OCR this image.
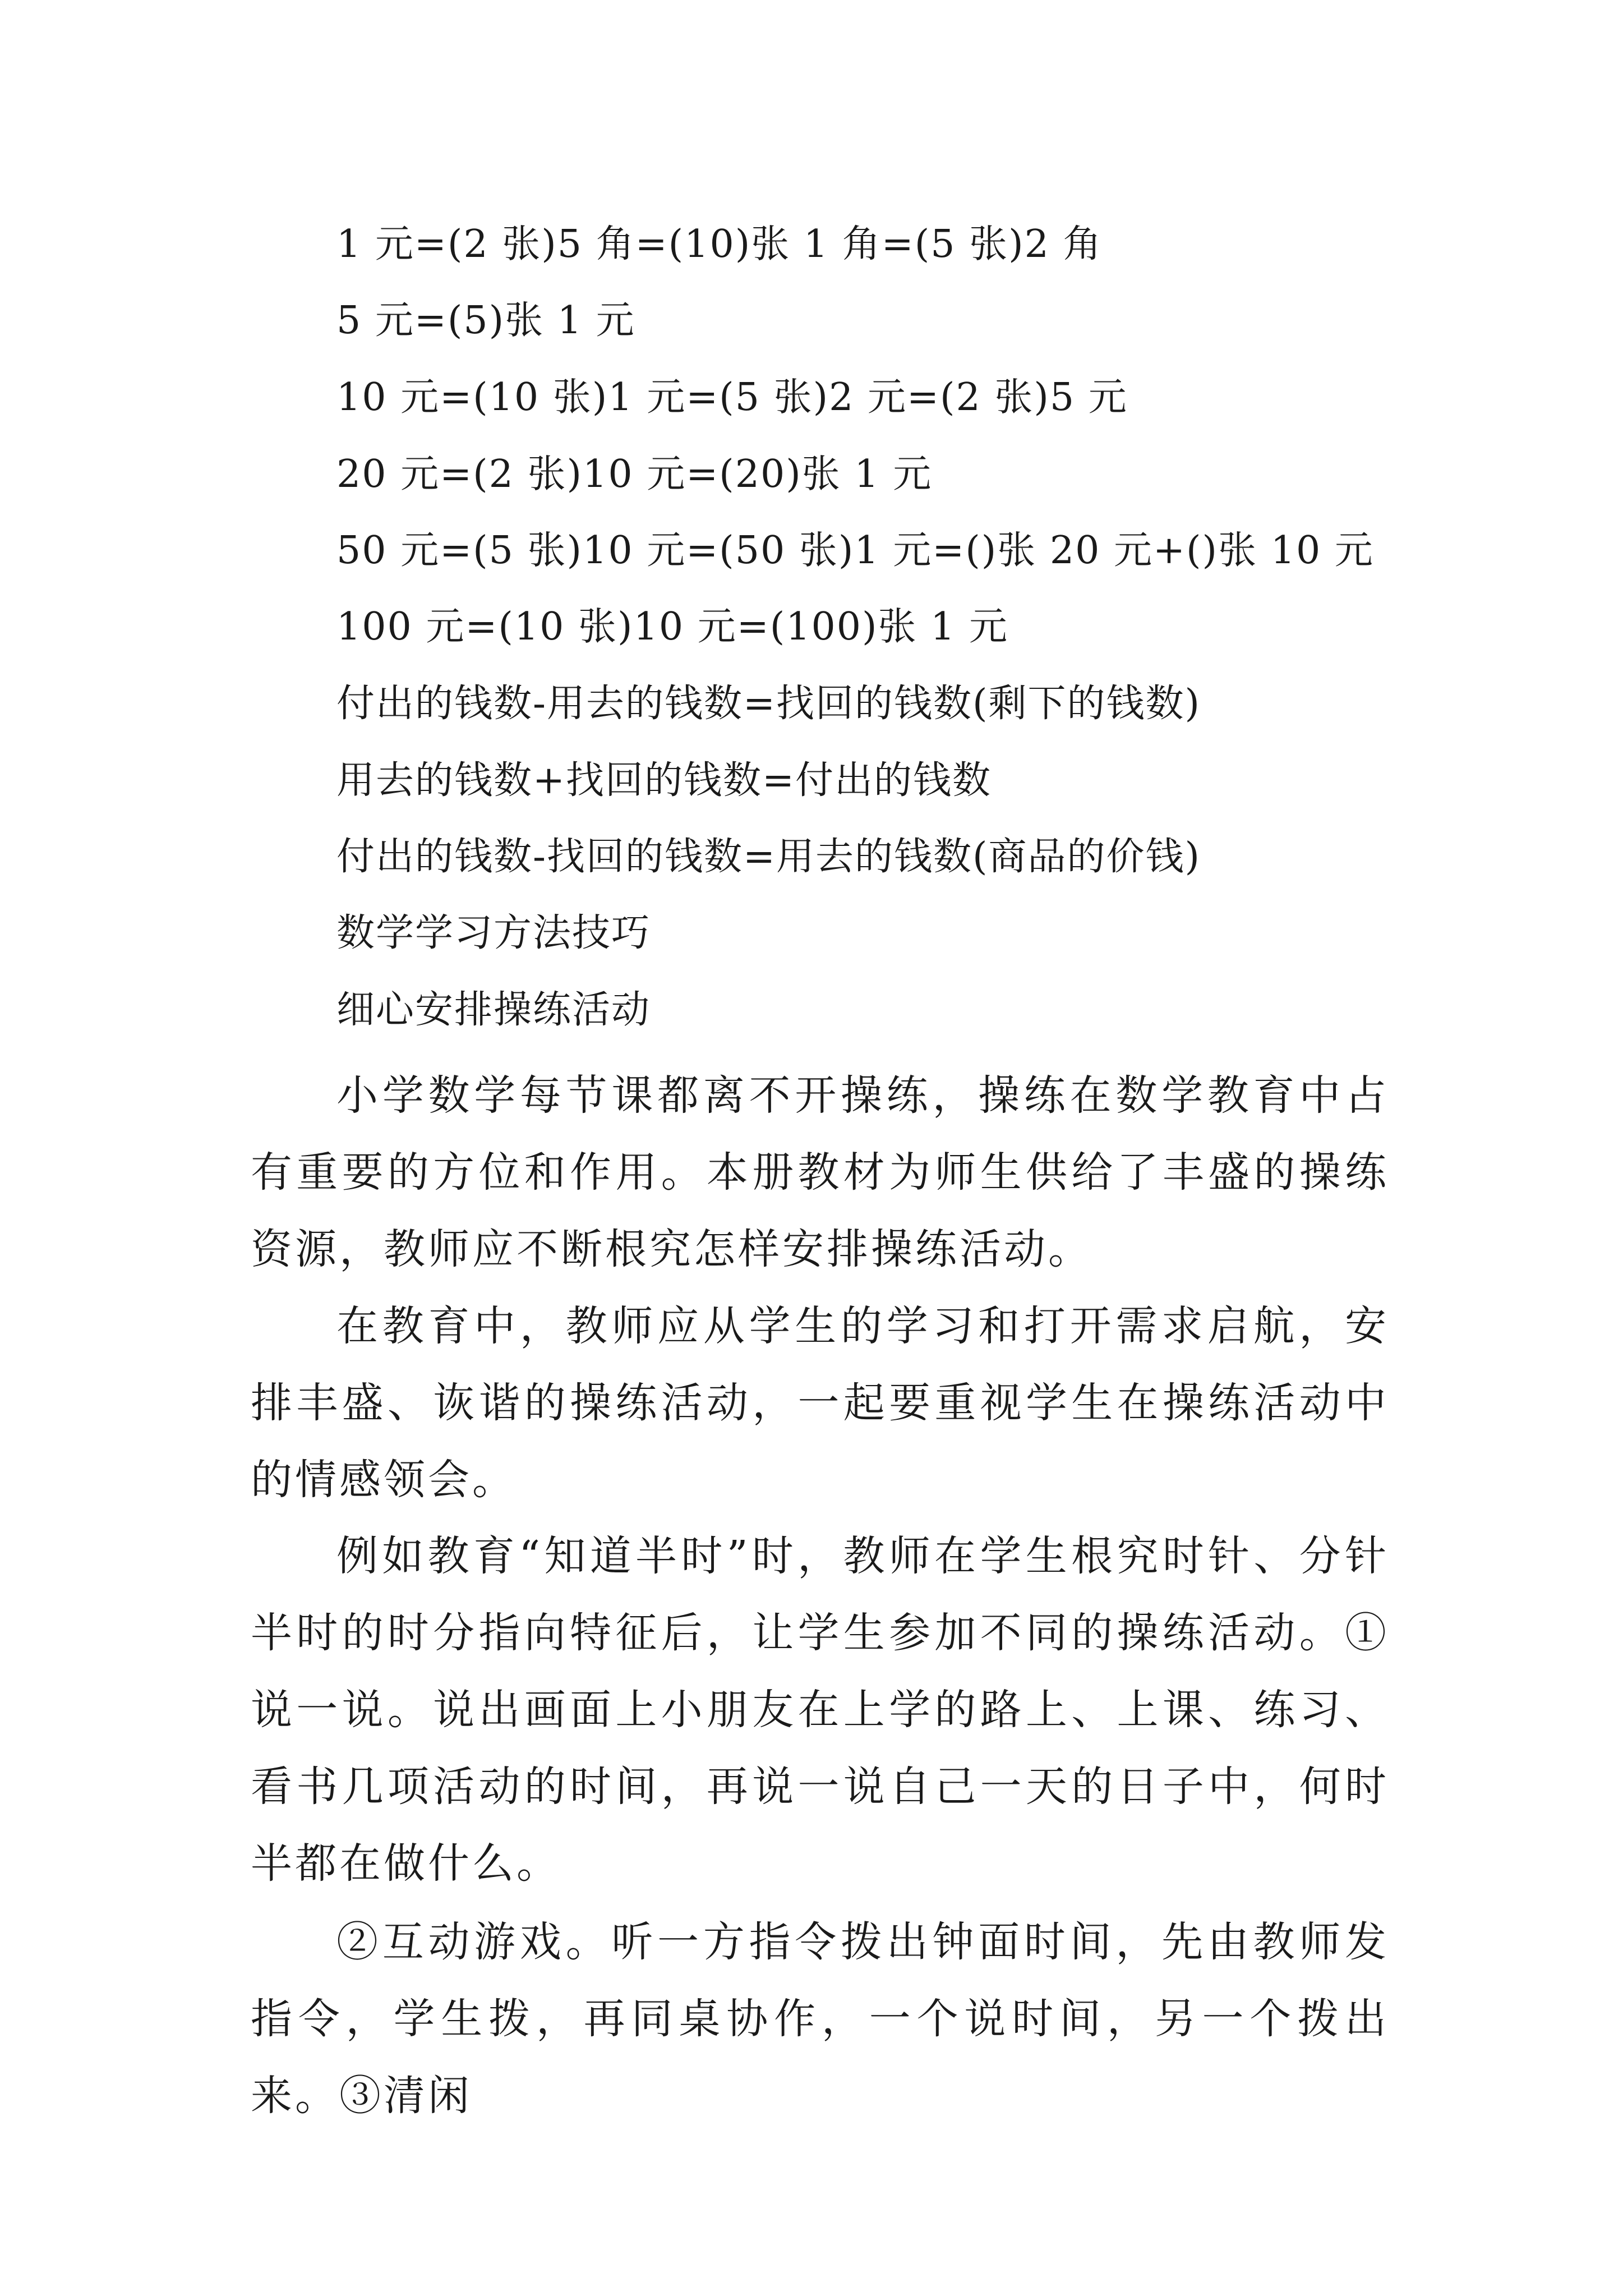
1 元=(2 张)5 角=(10)张 1 角=(5 张)2 角
5 元=(5)张 1 元
10 元=(10 张)1 元=(5 张)2 元=(2 张)5 元
20 元=(2 张)10 元=(20)张 1 元
50 元=(5 张)10 元=(50 张)1 元=()张 20 元+()张 10 元
100 元=(10 张)10 元=(100)张 1 元
付出的钱数-用去的钱数=找回的钱数(剩下的钱数)
用去的钱数+找回的钱数=付出的钱数
付出的钱数-找回的钱数=用去的钱数(商品的价钱)
数学学习方法技巧
细心安排操练活动
小学数学每节课都离不开操练，操练在数学教育中占有重要的方位和作用。本册教材为师生供给了丰盛的操练资源，教师应不断根究怎样安排操练活动。
在教育中，教师应从学生的学习和打开需求启航，安排丰盛、诙谐的操练活动，一起要重视学生在操练活动中的情感领会。
例如教育“知道半时”时，教师在学生根究时针、分针半时的时分指向特征后，让学生参加不同的操练活动。①说一说。说出画面上小朋友在上学的路上、上课、练习、看书几项活动的时间，再说一说自己一天的日子中，何时半都在做什么。
②互动游戏。听一方指令拨出钟面时间，先由教师发指令，学生拨，再同桌协作，一个说时间，另一个拨出来。③清闲
